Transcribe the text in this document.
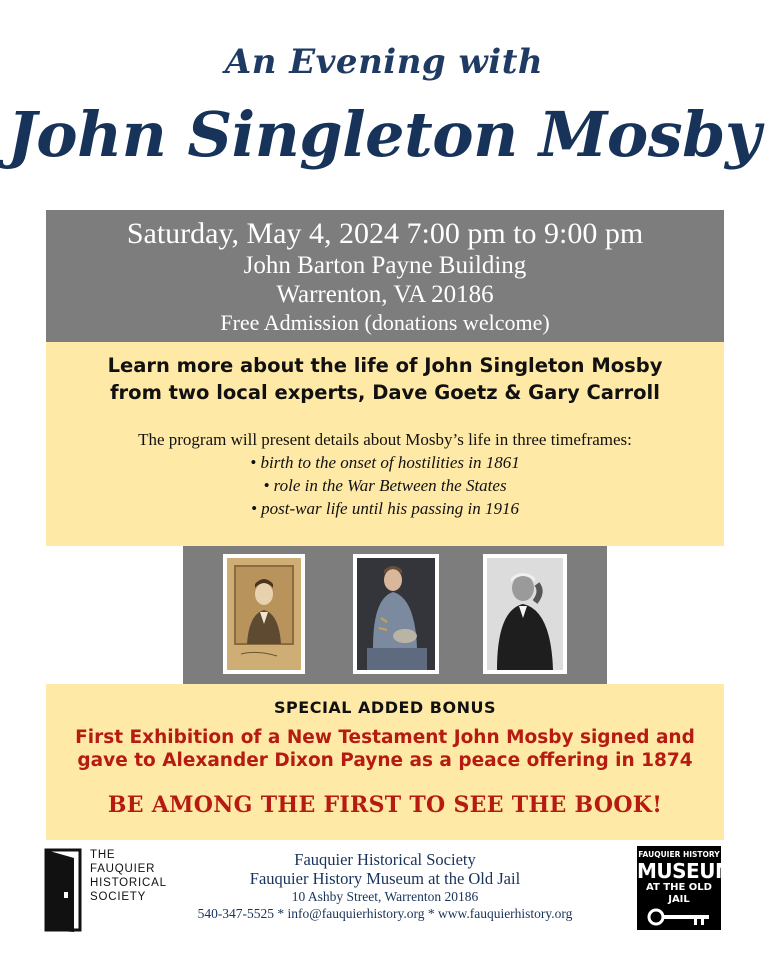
An Evening with
John Singleton Mosby
Saturday, May 4, 2024 7:00 pm to 9:00 pm
John Barton Payne Building
Warrenton, VA 20186
Free Admission (donations welcome)
Learn more about the life of John Singleton Mosby
from two local experts, Dave Goetz & Gary Carroll
The program will present details about Mosby’s life in three timeframes:
• birth to the onset of hostilities in 1861
• role in the War Between the States
• post-war life until his passing in 1916
SPECIAL ADDED BONUS
First Exhibition of a New Testament John Mosby signed and
gave to Alexander Dixon Payne as a peace offering in 1874
BE AMONG THE FIRST TO SEE THE BOOK!
THE
FAUQUIER
HISTORICAL
SOCIETY
Fauquier Historical Society
Fauquier History Museum at the Old Jail
10 Ashby Street, Warrenton 20186
540-347-5525 * info@fauquierhistory.org * www.fauquierhistory.org
FAUQUIER HISTORY
MUSEUM
AT THE OLD JAIL
